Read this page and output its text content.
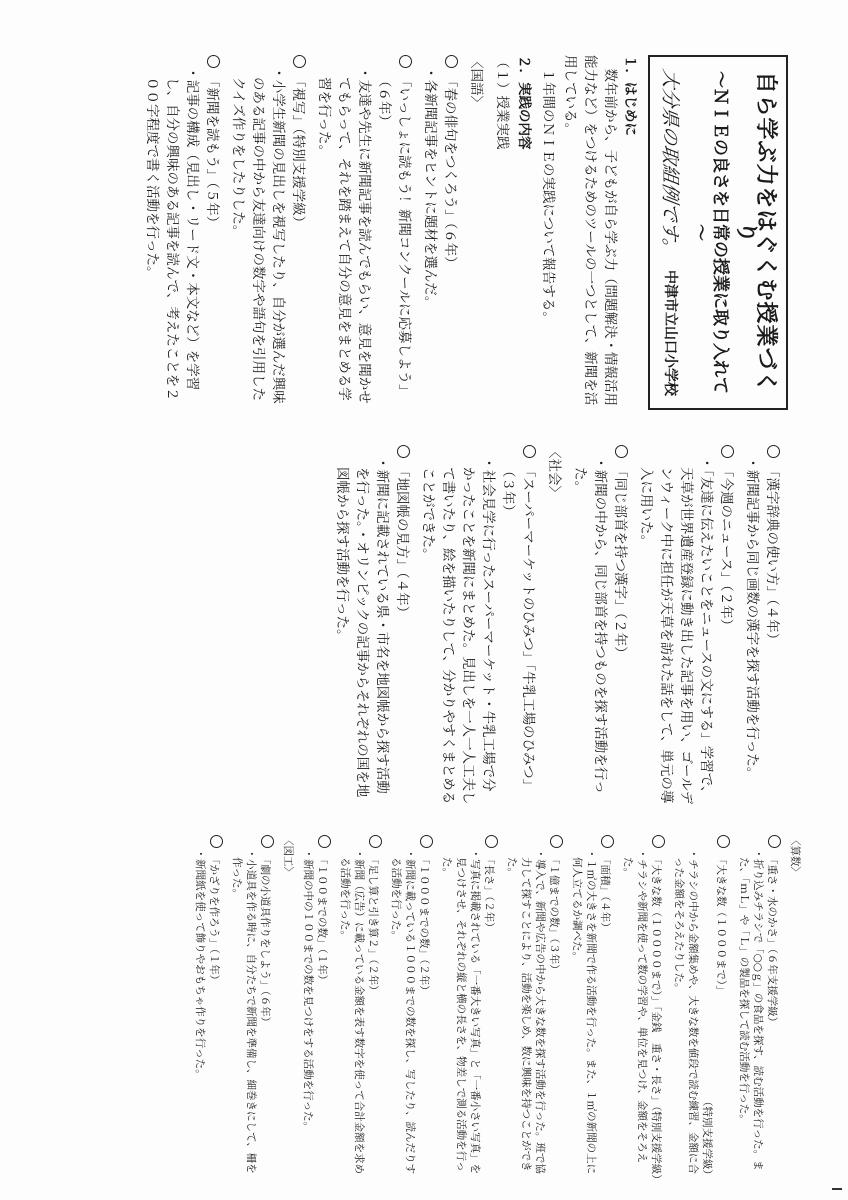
自ら学ぶ力をはぐくむ授業づくり
～ＮＩＥの良さを日常の授業に取り入れて～
大分県の取組例です。
中津市立山口小学校
１．はじめに
数年前から、子どもが自ら学ぶ力（問題解決・情報活用能力など）をつけるためのツールの一つとして、新聞を活用している。
１年間のＮＩＥの実践について報告する。
２．実践の内容
（１）授業実践
〈国語〉
「春の俳句をつくろう」（６年）
・各新聞記事をヒントに題材を選んだ。
「いっしょに読もう！新聞コンクールに応募しよう」（６年）
・友達や先生に新聞記事を読んでもらい、意見を聞かせてもらって、それを踏まえて自分の意見をまとめる学習を行った。
「視写」（特別支援学級）
・小学生新聞の見出しを視写したり、自分が選んだ興味のある記事の中から友達向けの数字や語句を引用したクイズ作りをしたりした。
「新聞を読もう」（５年）
・記事の構成（見出し・リード文・本文など）を学習し、自分の興味のある記事を読んで、考えたことを２００字程度で書く活動を行った。
「漢字辞典の使い方」（４年）
・新聞記事から同じ画数の漢字を探す活動を行った。
「今週のニュース」（２年）
・「友達に伝えたいことをニュースの文にする」学習で、天草が世界遺産登録に動き出した記事を用い、ゴールデンウィーク中に担任が天草を訪れた話をして、単元の導入に用いた。
「同じ部首を持つ漢字」（２年）
・新聞の中から、同じ部首を持つものを探す活動を行った。
〈社会〉
「スーパーマーケットのひみつ」「牛乳工場のひみつ」（３年）
・社会見学に行ったスーパーマーケット・牛乳工場で分かったことを新聞にまとめた。見出しを一人一人工夫して書いたり、絵を描いたりして、分かりやすくまとめることができた。
「地図帳の見方」（４年）
・新聞に記載されている県・市名を地図帳から探す活動を行った。・オリンピックの記事からそれぞれの国を地図帳から探す活動を行った。
〈算数〉
「重さ・水のかさ」（６年支援学級）
・折り込みチラシで「○○ｇ」の食品を探す、読む活動を行った。また、「ｍＬ」や「Ｌ」の製品を探して読む活動を行った。
「大きな数（１０００まで）」
（特別支援学級）
・チラシの中から金額集めや、大きな数を値段で読む練習、金額に合った金額をそろえたりした。
「大きな数（１００００まで）」「金銭　重さ・長さ」（特別支援学級）
・チラシや新聞を使って数の学習や、単位を見つけ、金額をそろえた。
「面積」（４年）
・１㎡の大きさを新聞で作る活動を行った。また、１㎡の新聞の上に何人立てるか調べた。
「１億までの数」（３年）
・導入で、新聞や広告の中から大きな数を探す活動を行った。班で協力して探すことにより、活動を楽しめ、数に興味を持つことができた。
「長さ」（２年）
・写真に掲載されている「一番大きい写真」と「一番小さい写真」を見つけさせ、それぞれの縦と横の長さを、物差しで測る活動を行った。
「１０００までの数」（２年）
・新聞に載っている１０００までの数を探し、写したり、読んだりする活動を行った。
「足し算と引き算２」（２年）
・新聞（広告）に載っている金額を表す数字を使って合計金額を求める活動を行った。
「１００までの数」（１年）
・新聞の中の１００までの数を見つけをする活動を行った。
〈図工〉
「劇の小道具作りをしよう」（６年）
・小道具を作る時に、自分たちで新聞を準備し、細巻きにして、柵を作った。
「かざりを作ろう」（１年）
・新聞紙を使って飾りやおもちゃ作りを行った。
